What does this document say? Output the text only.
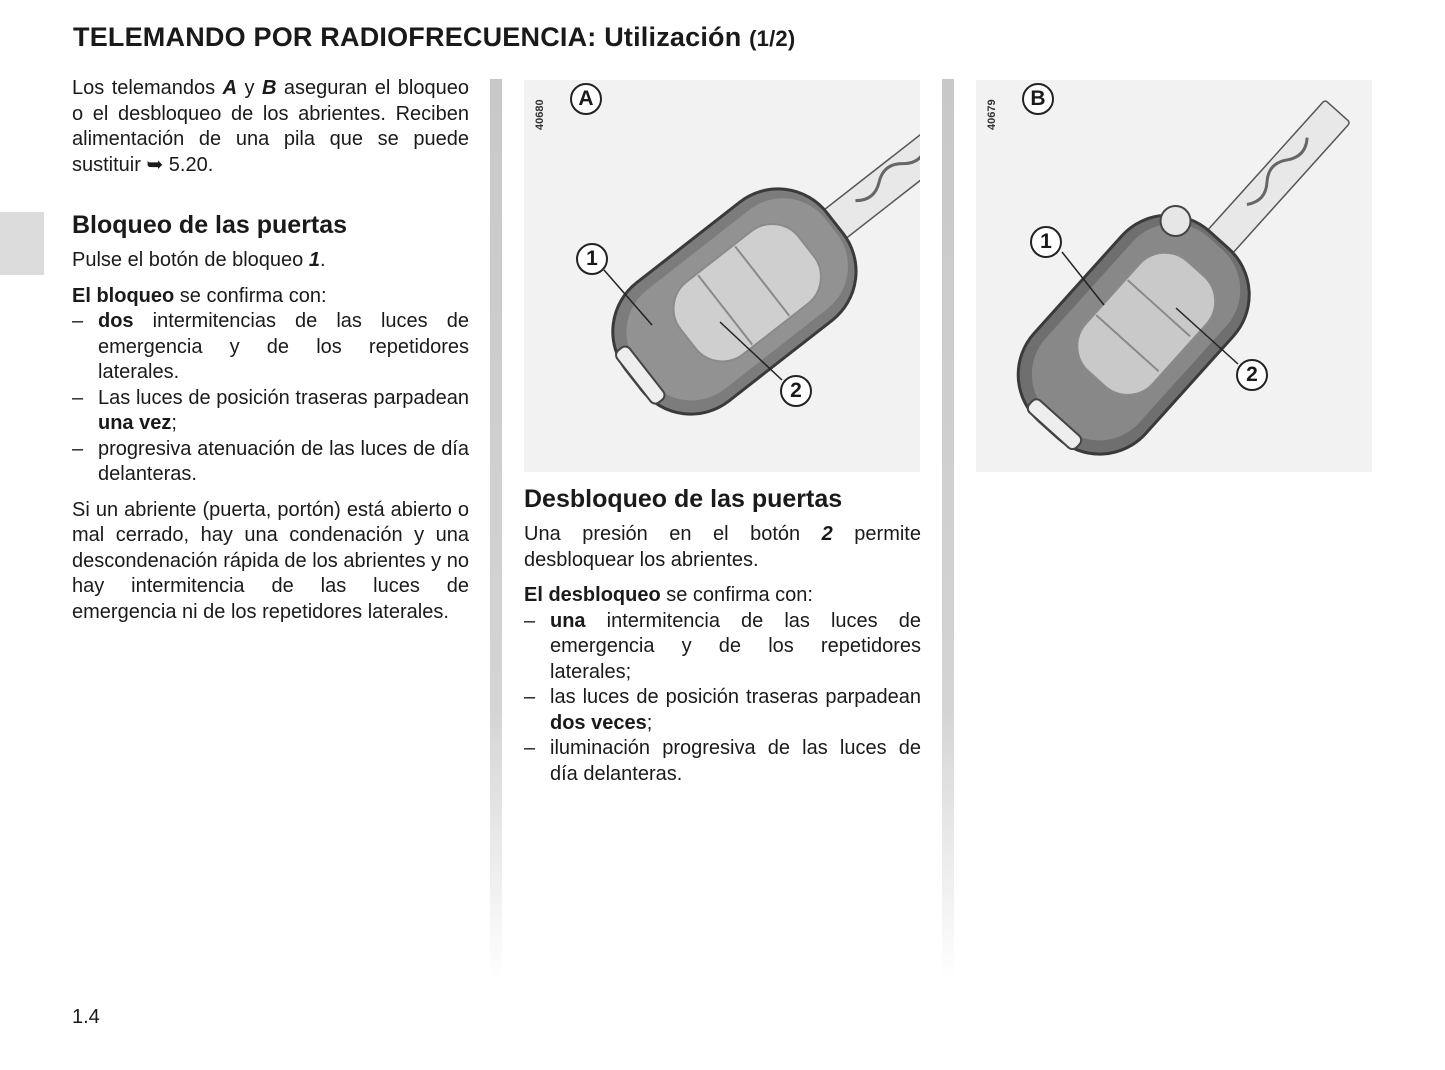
TELEMANDO POR RADIOFRECUENCIA: Utilización (1/2)

Los telemandos A y B aseguran el bloqueo o el desbloqueo de los abrientes. Reciben alimentación de una pila que se puede sustituir ➥ 5.20.

Bloqueo de las puertas

Pulse el botón de bloqueo 1.

El bloqueo se confirma con:

– dos intermitencias de las luces de emergencia y de los repetidores laterales.
– Las luces de posición traseras parpadean una vez;
– progresiva atenuación de las luces de día delanteras.

Si un abriente (puerta, portón) está abierto o mal cerrado, hay una condenación y una descondenación rápida de los abrientes y no hay intermitencia de las luces de emergencia ni de los repetidores laterales.

40680
A
1
2
40679
B
1
2
Desbloqueo de las puertas

Una presión en el botón 2 permite desbloquear los abrientes.

El desbloqueo se confirma con:

– una intermitencia de las luces de emergencia y de los repetidores laterales;
– las luces de posición traseras parpadean dos veces;
– iluminación progresiva de las luces de día delanteras.
1.4
